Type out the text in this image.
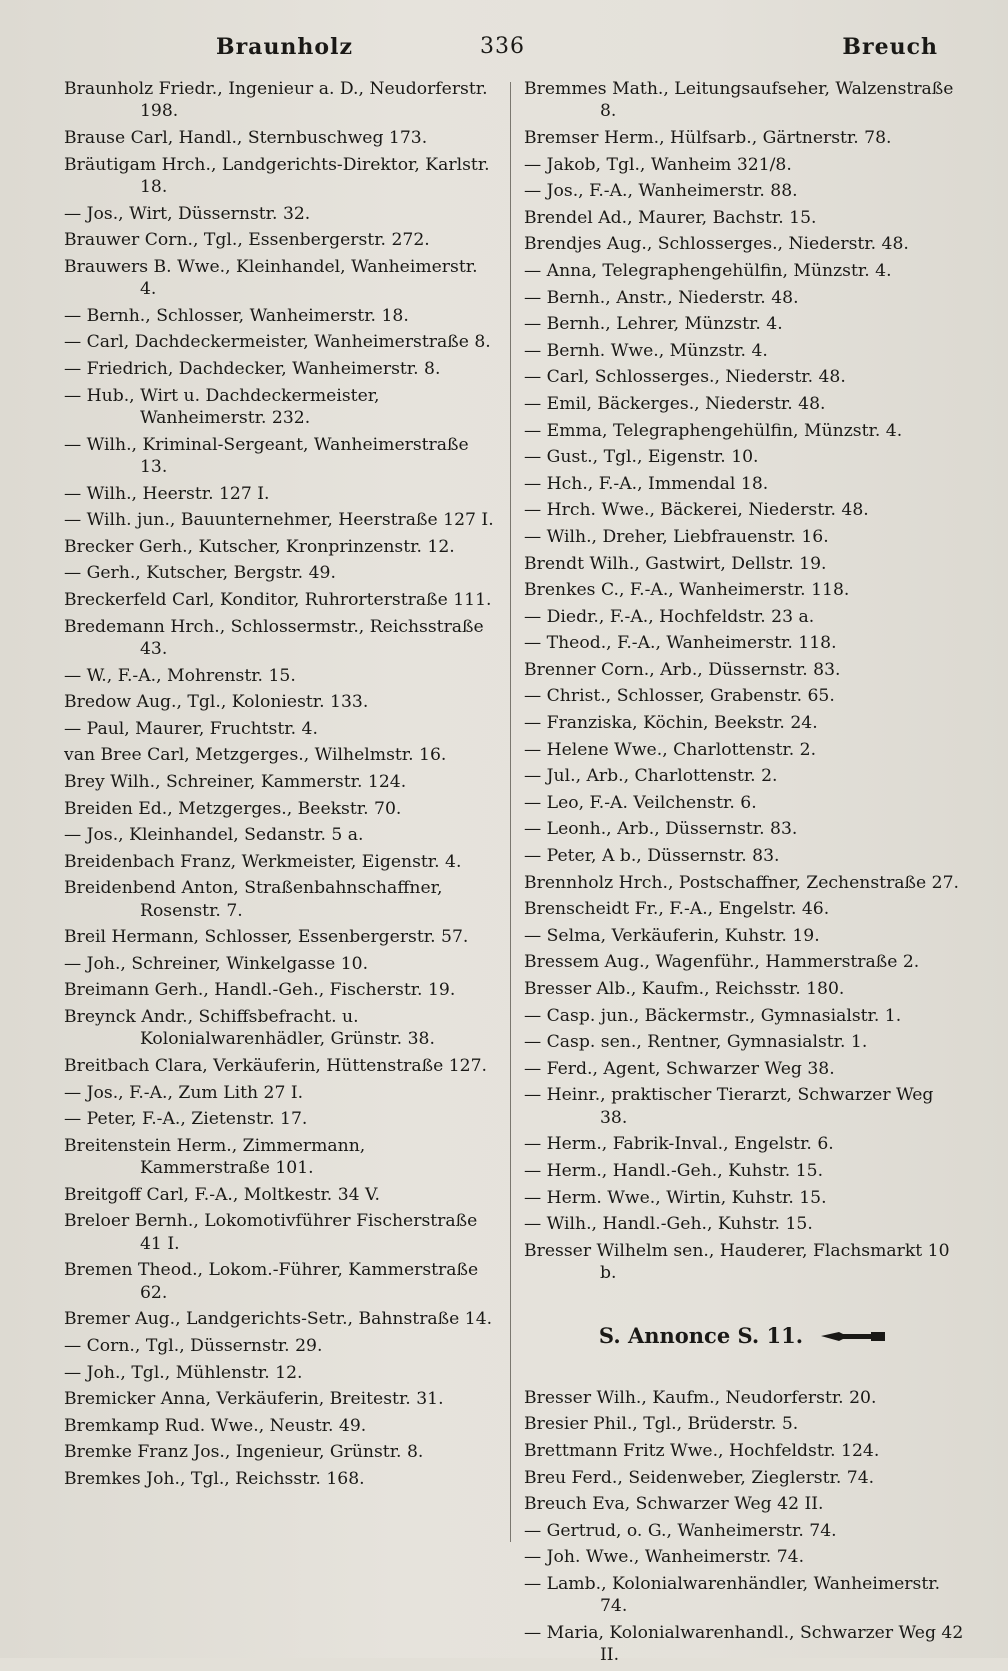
Braunholz	336	Breuch
Braunholz Friedr., Ingenieur a. D., Neudorferstr. 198.
Brause Carl, Handl., Sternbuschweg 173.
Bräutigam Hrch., Landgerichts-Direktor, Karlstr. 18.
— Jos., Wirt, Düssernstr. 32.
Brauwer Corn., Tgl., Essenbergerstr. 272.
Brauwers B. Wwe., Kleinhandel, Wanheimerstr. 4.
— Bernh., Schlosser, Wanheimerstr. 18.
— Carl, Dachdeckermeister, Wanheimerstraße 8.
— Friedrich, Dachdecker, Wanheimerstr. 8.
— Hub., Wirt u. Dachdeckermeister, Wanheimerstr. 232.
— Wilh., Kriminal-Sergeant, Wanheimerstraße 13.
— Wilh., Heerstr. 127 I.
— Wilh. jun., Bauunternehmer, Heerstraße 127 I.
Brecker Gerh., Kutscher, Kronprinzenstr. 12.
— Gerh., Kutscher, Bergstr. 49.
Breckerfeld Carl, Konditor, Ruhrorterstraße 111.
Bredemann Hrch., Schlossermstr., Reichsstraße 43.
— W., F.-A., Mohrenstr. 15.
Bredow Aug., Tgl., Koloniestr. 133.
— Paul, Maurer, Fruchtstr. 4.
van Bree Carl, Metzgerges., Wilhelmstr. 16.
Brey Wilh., Schreiner, Kammerstr. 124.
Breiden Ed., Metzgerges., Beekstr. 70.
— Jos., Kleinhandel, Sedanstr. 5 a.
Breidenbach Franz, Werkmeister, Eigenstr. 4.
Breidenbend Anton, Straßenbahnschaffner, Rosenstr. 7.
Breil Hermann, Schlosser, Essenbergerstr. 57.
— Joh., Schreiner, Winkelgasse 10.
Breimann Gerh., Handl.-Geh., Fischerstr. 19.
Breynck Andr., Schiffsbefracht. u. Kolonialwarenhädler, Grünstr. 38.
Breitbach Clara, Verkäuferin, Hüttenstraße 127.
— Jos., F.-A., Zum Lith 27 I.
— Peter, F.-A., Zietenstr. 17.
Breitenstein Herm., Zimmermann, Kammerstraße 101.
Breitgoff Carl, F.-A., Moltkestr. 34 V.
Breloer Bernh., Lokomotivführer Fischerstraße 41 I.
Bremen Theod., Lokom.-Führer, Kammerstraße 62.
Bremer Aug., Landgerichts-Setr., Bahnstraße 14.
— Corn., Tgl., Düssernstr. 29.
— Joh., Tgl., Mühlenstr. 12.
Bremicker Anna, Verkäuferin, Breitestr. 31.
Bremkamp Rud. Wwe., Neustr. 49.
Bremke Franz Jos., Ingenieur, Grünstr. 8.
Bremkes Joh., Tgl., Reichsstr. 168.
Bremmes Math., Leitungsaufseher, Walzenstraße 8.
Bremser Herm., Hülfsarb., Gärtnerstr. 78.
— Jakob, Tgl., Wanheim 321/8.
— Jos., F.-A., Wanheimerstr. 88.
Brendel Ad., Maurer, Bachstr. 15.
Brendjes Aug., Schlosserges., Niederstr. 48.
— Anna, Telegraphengehülfin, Münzstr. 4.
— Bernh., Anstr., Niederstr. 48.
— Bernh., Lehrer, Münzstr. 4.
— Bernh. Wwe., Münzstr. 4.
— Carl, Schlosserges., Niederstr. 48.
— Emil, Bäckerges., Niederstr. 48.
— Emma, Telegraphengehülfin, Münzstr. 4.
— Gust., Tgl., Eigenstr. 10.
— Hch., F.-A., Immendal 18.
— Hrch. Wwe., Bäckerei, Niederstr. 48.
— Wilh., Dreher, Liebfrauenstr. 16.
Brendt Wilh., Gastwirt, Dellstr. 19.
Brenkes C., F.-A., Wanheimerstr. 118.
— Diedr., F.-A., Hochfeldstr. 23 a.
— Theod., F.-A., Wanheimerstr. 118.
Brenner Corn., Arb., Düssernstr. 83.
— Christ., Schlosser, Grabenstr. 65.
— Franziska, Köchin, Beekstr. 24.
— Helene Wwe., Charlottenstr. 2.
— Jul., Arb., Charlottenstr. 2.
— Leo, F.-A. Veilchenstr. 6.
— Leonh., Arb., Düssernstr. 83.
— Peter, A b., Düssernstr. 83.
Brennholz Hrch., Postschaffner, Zechenstraße 27.
Brenscheidt Fr., F.-A., Engelstr. 46.
— Selma, Verkäuferin, Kuhstr. 19.
Bressem Aug., Wagenführ., Hammerstraße 2.
Bresser Alb., Kaufm., Reichsstr. 180.
— Casp. jun., Bäckermstr., Gymnasialstr. 1.
— Casp. sen., Rentner, Gymnasialstr. 1.
— Ferd., Agent, Schwarzer Weg 38.
— Heinr., praktischer Tierarzt, Schwarzer Weg 38.
— Herm., Fabrik-Inval., Engelstr. 6.
— Herm., Handl.-Geh., Kuhstr. 15.
— Herm. Wwe., Wirtin, Kuhstr. 15.
— Wilh., Handl.-Geh., Kuhstr. 15.
Bresser Wilhelm sen., Hauderer, Flachsmarkt 10 b.
S. Annonce S. 11.
Bresser Wilh., Kaufm., Neudorferstr. 20.
Bresier Phil., Tgl., Brüderstr. 5.
Brettmann Fritz Wwe., Hochfeldstr. 124.
Breu Ferd., Seidenweber, Zieglerstr. 74.
Breuch Eva, Schwarzer Weg 42 II.
— Gertrud, o. G., Wanheimerstr. 74.
— Joh. Wwe., Wanheimerstr. 74.
— Lamb., Kolonialwarenhändler, Wanheimerstr. 74.
— Maria, Kolonialwarenhandl., Schwarzer Weg 42 II.
